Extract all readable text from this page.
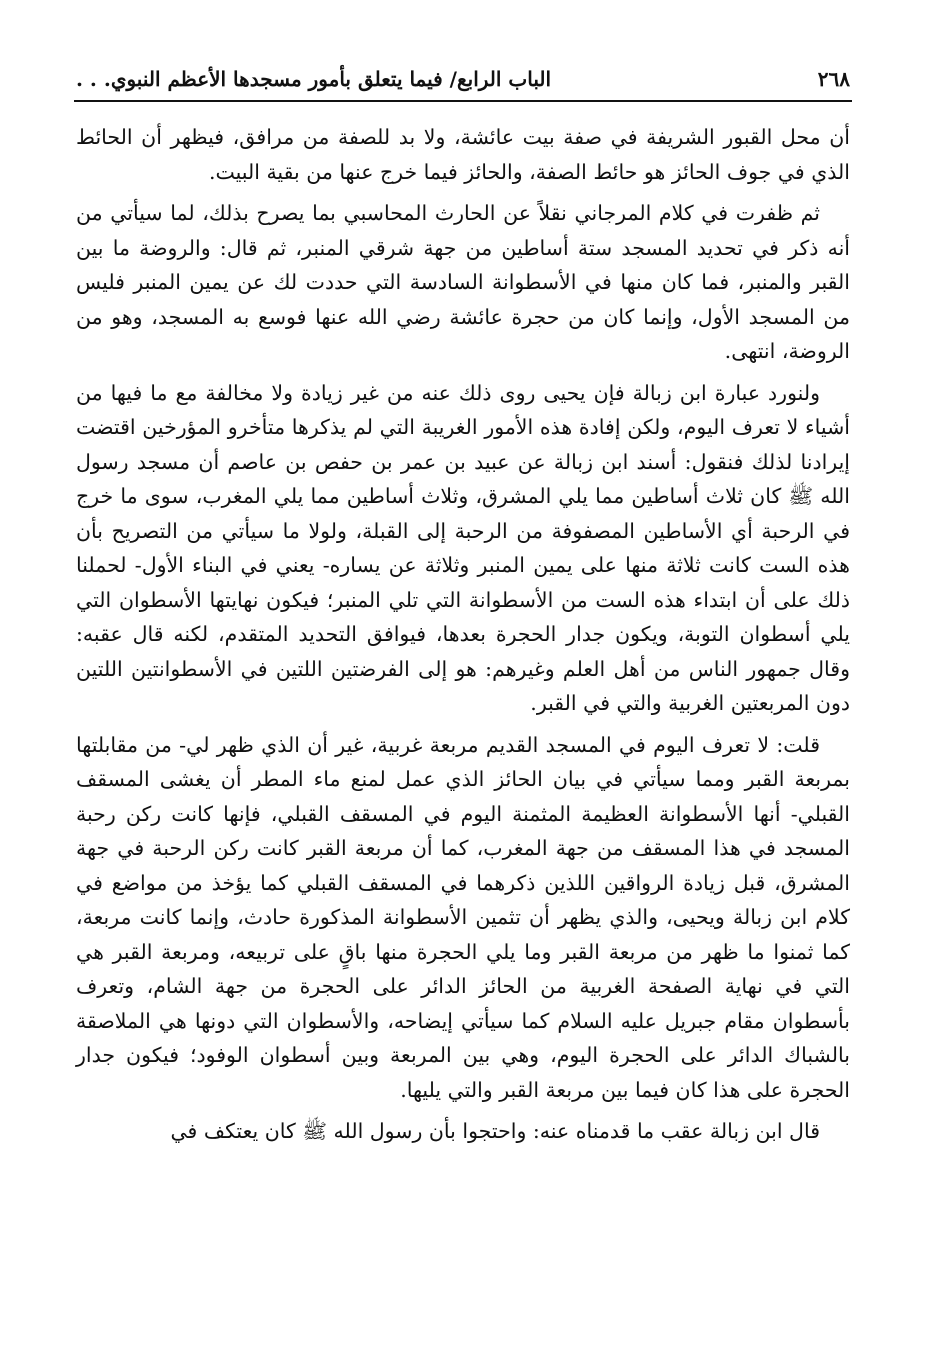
٢٦٨
الباب الرابع/ فيما يتعلق بأمور مسجدها الأعظم النبوي. . .

أن محل القبور الشريفة في صفة بيت عائشة، ولا بد للصفة من مرافق، فيظهر أن الحائط الذي في جوف الحائز هو حائط الصفة، والحائز فيما خرج عنها من بقية البيت.

ثم ظفرت في كلام المرجاني نقلاً عن الحارث المحاسبي بما يصرح بذلك، لما سيأتي من أنه ذكر في تحديد المسجد ستة أساطين من جهة شرقي المنبر، ثم قال: والروضة ما بين القبر والمنبر، فما كان منها في الأسطوانة السادسة التي حددت لك عن يمين المنبر فليس من المسجد الأول، وإنما كان من حجرة عائشة رضي الله عنها فوسع به المسجد، وهو من الروضة، انتهى.

ولنورد عبارة ابن زبالة فإن يحيى روى ذلك عنه من غير زيادة ولا مخالفة مع ما فيها من أشياء لا تعرف اليوم، ولكن إفادة هذه الأمور الغريبة التي لم يذكرها متأخرو المؤرخين اقتضت إيرادنا لذلك فنقول: أسند ابن زبالة عن عبيد بن عمر بن حفص بن عاصم أن مسجد رسول الله ﷺ كان ثلاث أساطين مما يلي المشرق، وثلاث أساطين مما يلي المغرب، سوى ما خرج في الرحبة أي الأساطين المصفوفة من الرحبة إلى القبلة، ولولا ما سيأتي من التصريح بأن هذه الست كانت ثلاثة منها على يمين المنبر وثلاثة عن يساره- يعني في البناء الأول- لحملنا ذلك على أن ابتداء هذه الست من الأسطوانة التي تلي المنبر؛ فيكون نهايتها الأسطوان التي يلي أسطوان التوبة، ويكون جدار الحجرة بعدها، فيوافق التحديد المتقدم، لكنه قال عقبه: وقال جمهور الناس من أهل العلم وغيرهم: هو إلى الفرضتين اللتين في الأسطوانتين اللتين دون المربعتين الغربية والتي في القبر.

قلت: لا تعرف اليوم في المسجد القديم مربعة غربية، غير أن الذي ظهر لي- من مقابلتها بمربعة القبر ومما سيأتي في بيان الحائز الذي عمل لمنع ماء المطر أن يغشى المسقف القبلي- أنها الأسطوانة العظيمة المثمنة اليوم في المسقف القبلي، فإنها كانت ركن رحبة المسجد في هذا المسقف من جهة المغرب، كما أن مربعة القبر كانت ركن الرحبة في جهة المشرق، قبل زيادة الرواقين اللذين ذكرهما في المسقف القبلي كما يؤخذ من مواضع في كلام ابن زبالة ويحيى، والذي يظهر أن تثمين الأسطوانة المذكورة حادث، وإنما كانت مربعة، كما ثمنوا ما ظهر من مربعة القبر وما يلي الحجرة منها باقٍ على تربيعه، ومربعة القبر هي التي في نهاية الصفحة الغربية من الحائز الدائر على الحجرة من جهة الشام، وتعرف بأسطوان مقام جبريل عليه السلام كما سيأتي إيضاحه، والأسطوان التي دونها هي الملاصقة بالشباك الدائر على الحجرة اليوم، وهي بين المربعة وبين أسطوان الوفود؛ فيكون جدار الحجرة على هذا كان فيما بين مربعة القبر والتي يليها.

قال ابن زبالة عقب ما قدمناه عنه: واحتجوا بأن رسول الله ﷺ كان يعتكف في
